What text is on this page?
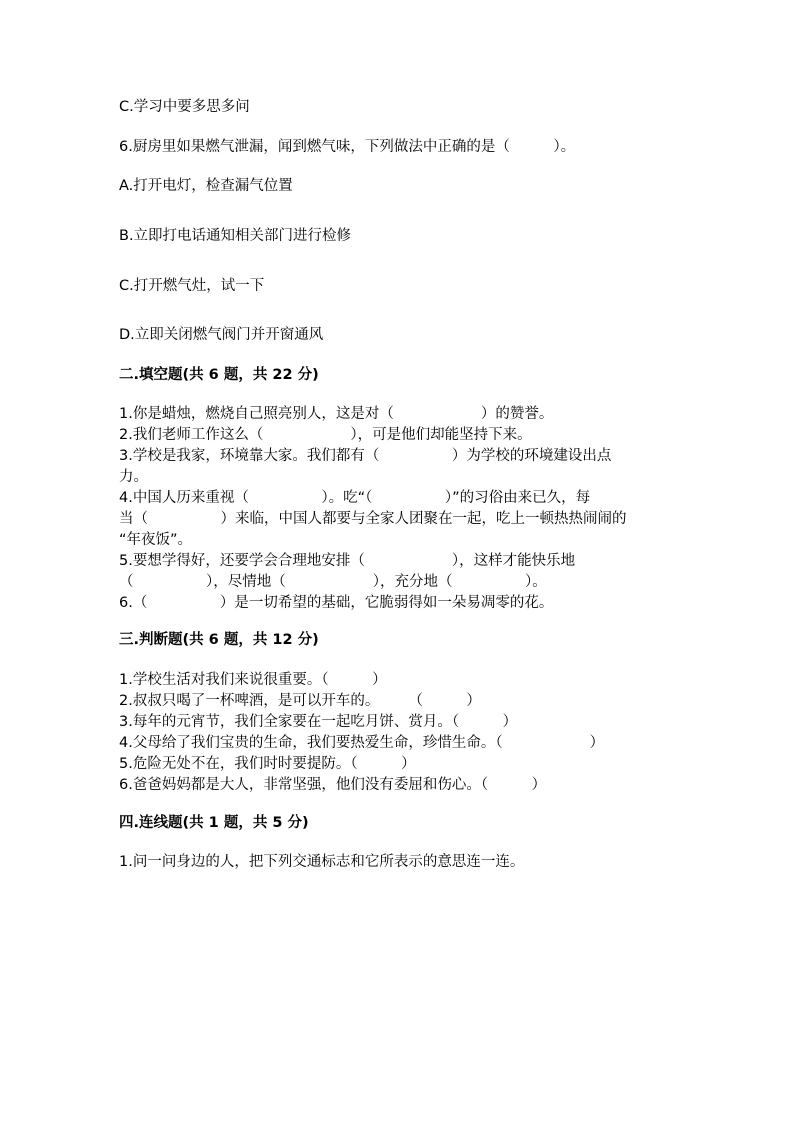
C.学习中要多思多问
6.厨房里如果燃气泄漏，闻到燃气味，下列做法中正确的是（　　　）。
A.打开电灯，检查漏气位置
B.立即打电话通知相关部门进行检修
C.打开燃气灶，试一下
D.立即关闭燃气阀门并开窗通风
二.填空题(共 6 题，共 22 分)
1.你是蜡烛，燃烧自己照亮别人，这是对（　　　　　　）的赞誉。
2.我们老师工作这么（　　　　　　），可是他们却能坚持下来。
3.学校是我家，环境靠大家。我们都有（　　　　　）为学校的环境建设出点
力。
4.中国人历来重视（　　　　　）。吃“（　　　　　）”的习俗由来已久，每
当（　　　　　）来临，中国人都要与全家人团聚在一起，吃上一顿热热闹闹的
“年夜饭”。
5.要想学得好，还要学会合理地安排（　　　　　　），这样才能快乐地
（　　　　　），尽情地（　　　　　　），充分地（　　　　　）。
6.（　　　　　）是一切希望的基础，它脆弱得如一朵易凋零的花。
三.判断题(共 6 题，共 12 分)
1.学校生活对我们来说很重要。（　　　）
2.叔叔只喝了一杯啤酒，是可以开车的。　　　（　　　）
3.每年的元宵节，我们全家要在一起吃月饼、赏月。（　　　）
4.父母给了我们宝贵的生命，我们要热爱生命，珍惜生命。（　　　　　　）
5.危险无处不在，我们时时要提防。（　　　）
6.爸爸妈妈都是大人，非常坚强，他们没有委屈和伤心。（　　　）
四.连线题(共 1 题，共 5 分)
1.问一问身边的人，把下列交通标志和它所表示的意思连一连。
